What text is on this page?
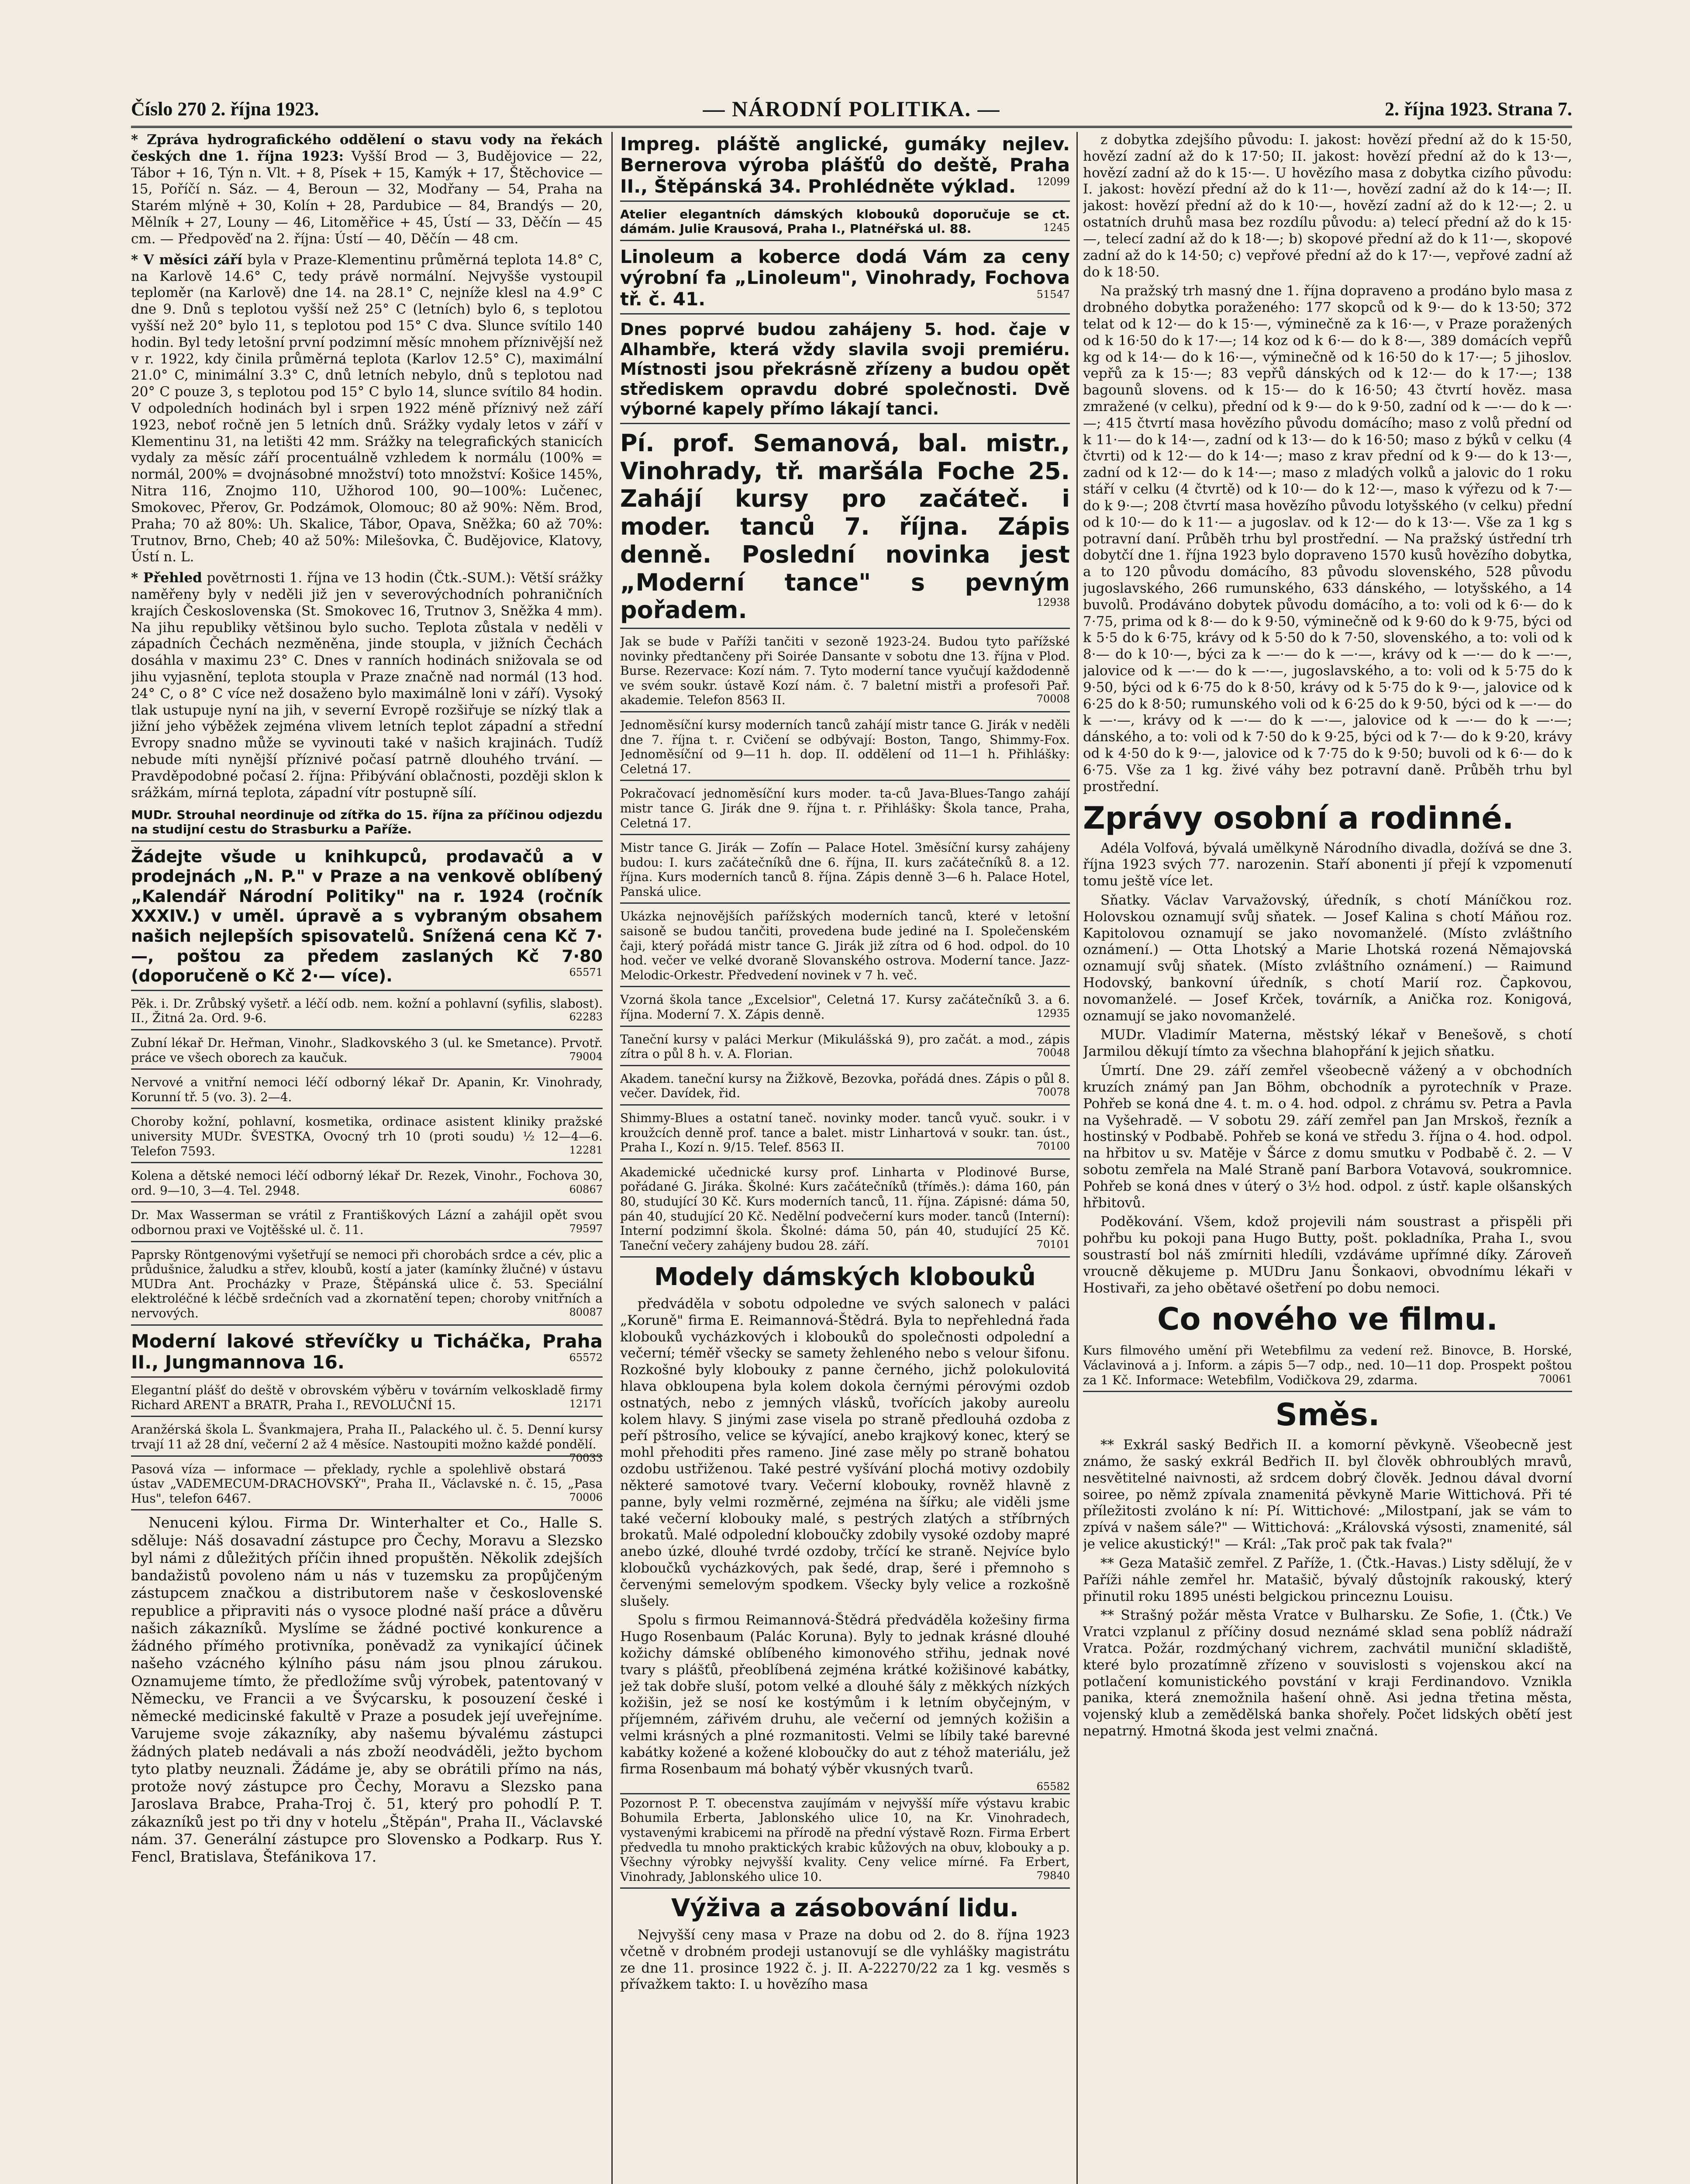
Číslo 270 2. října 1923.	— NÁRODNÍ POLITIKA. —	2. října 1923. Strana 7.
* Zpráva hydrografického oddělení o stavu vody na řekách českých dne 1. října 1923: Vyšší Brod — 3, Budějovice — 22, Tábor + 16, Týn n. Vlt. + 8, Písek + 15, Kamýk + 17, Štěchovice — 15, Poříčí n. Sáz. — 4, Beroun — 32, Modřany — 54, Praha na Starém mlýně + 30, Kolín + 28, Pardubice — 84, Brandýs — 20, Mělník + 27, Louny — 46, Litoměřice + 45, Ústí — 33, Děčín — 45 cm. — Předpověď na 2. října: Ústí — 40, Děčín — 48 cm.
* V měsíci září byla v Praze-Klementinu průměrná teplota 14.8° C, na Karlově 14.6° C, tedy právě normální. Nejvyšše vystoupil teploměr (na Karlově) dne 14. na 28.1° C, nejníže klesl na 4.9° C dne 9. Dnů s teplotou vyšší než 25° C (letních) bylo 6, s teplotou vyšší než 20° bylo 11, s teplotou pod 15° C dva. Slunce svítilo 140 hodin. Byl tedy letošní první podzimní měsíc mnohem příznivější než v r. 1922, kdy činila průměrná teplota (Karlov 12.5° C), maximální 21.0° C, minimální 3.3° C, dnů letních nebylo, dnů s teplotou nad 20° C pouze 3, s teplotou pod 15° C bylo 14, slunce svítilo 84 hodin. V odpoledních hodinách byl i srpen 1922 méně příznivý než září 1923, neboť ročně jen 5 letních dnů. Srážky vydaly letos v září v Klementinu 31, na letišti 42 mm. Srážky na telegrafických stanicích vydaly za měsíc září procentuálně vzhledem k normálu (100% = normál, 200% = dvojnásobné množství) toto množství: Košice 145%, Nitra 116, Znojmo 110, Užhorod 100, 90—100%: Lučenec, Smokovec, Přerov, Gr. Podzámok, Olomouc; 80 až 90%: Něm. Brod, Praha; 70 až 80%: Uh. Skalice, Tábor, Opava, Sněžka; 60 až 70%: Trutnov, Brno, Cheb; 40 až 50%: Milešovka, Č. Budějovice, Klatovy, Ústí n. L.
* Přehled povětrnosti 1. října ve 13 hodin (Čtk.-SUM.): Větší srážky naměřeny byly v neděli již jen v severovýchodních pohraničních krajích Československa (St. Smokovec 16, Trutnov 3, Sněžka 4 mm). Na jihu republiky většinou bylo sucho. Teplota zůstala v neděli v západních Čechách nezměněna, jinde stoupla, v jižních Čechách dosáhla v maximu 23° C. Dnes v ranních hodinách snižovala se od jihu vyjasnění, teplota stoupla v Praze značně nad normál (13 hod. 24° C, o 8° C více než dosaženo bylo maximálně loni v září). Vysoký tlak ustupuje nyní na jih, v severní Evropě rozšiřuje se nízký tlak a jižní jeho výběžek zejména vlivem letních teplot západní a střední Evropy snadno může se vyvinouti také v našich krajinách. Tudíž nebude míti nynější příznivé počasí patrně dlouhého trvání. — Pravděpodobné počasí 2. října: Přibývání oblačnosti, později sklon k srážkám, mírná teplota, západní vítr postupně sílí.
MUDr. Strouhal neordinuje od zítřka do 15. října za příčinou odjezdu na studijní cestu do Strasburku a Paříže.
Žádejte všude u knihkupců, prodavačů a v prodejnách „N. P." v Praze a na venkově oblíbený „Kalendář Národní Politiky" na r. 1924 (ročník XXXIV.) v uměl. úpravě a s vybraným obsahem našich nejlepších spisovatelů. Snížená cena Kč 7·—, poštou za předem zaslaných Kč 7·80 (doporučeně o Kč 2·— více).	65571
Pěk. i. Dr. Zrůbský vyšetř. a léčí odb. nem. kožní a pohlavní (syfilis, slabost). II., Žitná 2a. Ord. 9-6.	62283
Zubní lékař Dr. Heřman, Vinohr., Sladkovského 3 (ul. ke Smetance). Prvotř. práce ve všech oborech za kaučuk.	79004
Nervové a vnitřní nemoci léčí odborný lékař Dr. Apanin, Kr. Vinohrady, Korunní tř. 5 (vo. 3). 2—4.
Choroby kožní, pohlavní, kosmetika, ordinace asistent kliniky pražské university MUDr. ŠVESTKA, Ovocný trh 10 (proti soudu) ½ 12—4—6. Telefon 7593.	12281
Kolena a dětské nemoci léčí odborný lékař Dr. Rezek, Vinohr., Fochova 30, ord. 9—10, 3—4. Tel. 2948.	60867
Dr. Max Wasserman se vrátil z Františkových Lázní a zahájil opět svou odbornou praxi ve Vojtěšské ul. č. 11.	79597
Paprsky Röntgenovými vyšetřují se nemoci při chorobách srdce a cév, plic a průdušnice, žaludku a střev, kloubů, kostí a jater (kamínky žlučné) v ústavu MUDra Ant. Procházky v Praze, Štěpánská ulice č. 53. Speciální elektroléčné k léčbě srdečních vad a zkornatění tepen; choroby vnitřních a nervových.	80087
Moderní lakové střevíčky u Ticháčka, Praha II., Jungmannova 16.	65572
Elegantní plášť do deště v obrovském výběru v továrním velkoskladě firmy Richard ARENT a BRATR, Praha I., REVOLUČNÍ 15.	12171
Aranžérská škola L. Švankmajera, Praha II., Palackého ul. č. 5. Denní kursy trvají 11 až 28 dní, večerní 2 až 4 měsíce. Nastoupiti možno každé pondělí.
70033
Pasová víza — informace — překlady, rychle a spolehlivě obstará ústav „VADEMECUM-DRACHOVSKÝ", Praha II., Václavské n. č. 15, „Pasa Hus", telefon 6467.	70006
Nenuceni kýlou. Firma Dr. Winterhalter et Co., Halle S. sděluje: Náš dosavadní zástupce pro Čechy, Moravu a Slezsko byl námi z důležitých příčin ihned propuštěn. Několik zdejších bandažistů povoleno nám u nás v tuzemsku za propůjčeným zástupcem značkou a distributorem naše v československé republice a připraviti nás o vysoce plodné naší práce a důvěru našich zákazníků. Myslíme se žádné poctivé konkurence a žádného přímého protivníka, poněvadž za vynikající účinek našeho vzácného kýlního pásu nám jsou plnou zárukou. Oznamujeme tímto, že předložíme svůj výrobek, patentovaný v Německu, ve Francii a ve Švýcarsku, k posouzení české i německé medicinské fakultě v Praze a posudek její uveřejníme. Varujeme svoje zákazníky, aby našemu bývalému zástupci žádných plateb nedávali a nás zboží neodváděli, ježto bychom tyto platby neuznali. Žádáme je, aby se obrátili přímo na nás, protože nový zástupce pro Čechy, Moravu a Slezsko pana Jaroslava Brabce, Praha-Troj č. 51, který pro pohodlí P. T. zákazníků jest po tři dny v hotelu „Štěpán", Praha II., Václavské nám. 37. Generální zástupce pro Slovensko a Podkarp. Rus Y. Fencl, Bratislava, Štefánikova 17.
Impreg. pláště anglické, gumáky nejlev. Bernerova výroba plášťů do deště, Praha II., Štěpánská 34. Prohlédněte výklad. 12099
Atelier elegantních dámských klobouků doporučuje se ct. dámám. Julie Krausová, Praha I., Platnéřská ul. 88.	1245
Linoleum a koberce dodá Vám za ceny výrobní fa „Linoleum", Vinohrady, Fochova tř. č. 41.	51547
Dnes poprvé budou zahájeny 5. hod. čaje v Alhambře, která vždy slavila svoji premiéru. Místnosti jsou překrásně zřízeny a budou opět střediskem opravdu dobré společnosti. Dvě výborné kapely přímo lákají tanci.
Pí. prof. Semanová, bal. mistr., Vinohrady, tř. maršála Foche 25. Zahájí kursy pro začáteč. i moder. tanců 7. října. Zápis denně. Poslední novinka jest „Moderní tance" s pevným pořadem.	12938
Jak se bude v Paříži tančiti v sezoně 1923-24. Budou tyto pařížské novinky předtančeny při Soirée Dansante v sobotu dne 13. října v Plod. Burse. Rezervace: Kozí nám. 7. Tyto moderní tance vyučují každodenně ve svém soukr. ústavě Kozí nám. č. 7 baletní mistři a profesoři Pař. akademie. Telefon 8563 II.	70008
Jednoměsíční kursy moderních tanců zahájí mistr tance G. Jirák v neděli dne 7. října t. r. Cvičení se odbývají: Boston, Tango, Shimmy-Fox. Jednoměsíční od 9—11 h. dop. II. oddělení od 11—1 h. Přihlášky: Celetná 17.
Pokračovací jednoměsíční kurs moder. ta-ců Java-Blues-Tango zahájí mistr tance G. Jirák dne 9. října t. r. Přihlášky: Škola tance, Praha, Celetná 17.
Mistr tance G. Jirák — Zofín — Palace Hotel. 3měsíční kursy zahájeny budou: I. kurs začátečníků dne 6. října, II. kurs začátečníků 8. a 12. října. Kurs moderních tanců 8. října. Zápis denně 3—6 h. Palace Hotel, Panská ulice.
Ukázka nejnovějších pařížských moderních tanců, které v letošní saisoně se budou tančiti, provedena bude jediné na I. Společenském čaji, který pořádá mistr tance G. Jirák již zítra od 6 hod. odpol. do 10 hod. večer ve velké dvoraně Slovanského ostrova. Moderní tance. Jazz-Melodic-Orkestr. Předvedení novinek v 7 h. več.
Vzorná škola tance „Excelsior", Celetná 17. Kursy začátečníků 3. a 6. října. Moderní 7. X. Zápis denně.	12935
Taneční kursy v paláci Merkur (Mikulášská 9), pro začát. a mod., zápis zítra o půl 8 h. v. A. Florian.	70048
Akadem. taneční kursy na Žižkově, Bezovka, pořádá dnes. Zápis o půl 8. večer. Davídek, řid.	70078
Shimmy-Blues a ostatní taneč. novinky moder. tanců vyuč. soukr. i v kroužcích denně prof. tance a balet. mistr Linhartová v soukr. tan. úst., Praha I., Kozí n. 9/15. Telef. 8563 II.	70100
Akademické učednické kursy prof. Linharta v Plodinové Burse, pořádané G. Jiráka. Školné: Kurs začátečníků (tříměs.): dáma 160, pán 80, studující 30 Kč. Kurs moderních tanců, 11. října. Zápisné: dáma 50, pán 40, studující 20 Kč. Nedělní podvečerní kurs moder. tanců (Interní): Interní podzimní škola. Školné: dáma 50, pán 40, studující 25 Kč. Taneční večery zahájeny budou 28. září.	70101
Modely dámských klobouků
předváděla v sobotu odpoledne ve svých salonech v paláci „Koruně" firma E. Reimannová-Štědrá. Byla to nepřehledná řada klobouků vycházkových i klobouků do společnosti odpolední a večerní; téměř všecky se samety žehleného nebo s velour šifonu. Rozkošné byly klobouky z panne černého, jichž polokulovitá hlava obkloupena byla kolem dokola černými pérovými ozdob ostnatých, nebo z jemných vlásků, tvořících jakoby aureolu kolem hlavy. S jinými zase visela po straně předlouhá ozdoba z peří pštrosího, velice se kývající, anebo krajkový konec, který se mohl přehoditi přes rameno. Jiné zase měly po straně bohatou ozdobu ustřiženou. Také pestré vyšívání plochá motivy ozdobily některé samotové tvary. Večerní klobouky, rovněž hlavně z panne, byly velmi rozměrné, zejména na šířku; ale viděli jsme také večerní klobouky malé, s pestrých zlatých a stříbrných brokatů. Malé odpolední kloboučky zdobily vysoké ozdoby mapré anebo úzké, dlouhé tvrdé ozdoby, trčící ke straně. Nejvíce bylo kloboučků vycházkových, pak šedé, drap, šeré i přemnoho s červenými semelovým spodkem. Všecky byly velice a rozkošně slušely.
Spolu s firmou Reimannová-Štědrá předváděla kožešiny firma Hugo Rosenbaum (Palác Koruna). Byly to jednak krásné dlouhé kožichy dámské oblíbeného kimonového střihu, jednak nové tvary s plášťů, přeoblíbená zejména krátké kožišinové kabátky, jež tak dobře sluší, potom velké a dlouhé šály z měkkých nízkých kožišin, jež se nosí ke kostýmům i k letním obyčejným, v příjemném, zářivém druhu, ale večerní od jemných kožišin a velmi krásných a plné rozmanitosti. Velmi se líbily také barevné kabátky kožené a kožené kloboučky do aut z téhož materiálu, jež firma Rosenbaum má bohatý výběr vkusných tvarů.
65582
Pozornost P. T. obecenstva zaujímám v nejvyšší míře výstavu krabic Bohumila Erberta, Jablonského ulice 10, na Kr. Vinohradech, vystavenými krabicemi na přírodě na přední výstavě Rozn. Firma Erbert předvedla tu mnoho praktických krabic kůžových na obuv, klobouky a p. Všechny výrobky nejvyšší kvality. Ceny velice mírné. Fa Erbert, Vinohrady, Jablonského ulice 10.	79840
Výživa a zásobování lidu.
Nejvyšší ceny masa v Praze na dobu od 2. do 8. října 1923 včetně v drobném prodeji ustanovují se dle vyhlášky magistrátu ze dne 11. prosince 1922 č. j. II. A-22270/22 za 1 kg. vesměs s přívažkem takto: I. u hovězího masa
z dobytka zdejšího původu: I. jakost: hovězí přední až do k 15·50, hovězí zadní až do k 17·50; II. jakost: hovězí přední až do k 13·—, hovězí zadní až do k 15·—. U hovězího masa z dobytka cizího původu: I. jakost: hovězí přední až do k 11·—, hovězí zadní až do k 14·—; II. jakost: hovězí přední až do k 10·—, hovězí zadní až do k 12·—; 2. u ostatních druhů masa bez rozdílu původu: a) telecí přední až do k 15·—, telecí zadní až do k 18·—; b) skopové přední až do k 11·—, skopové zadní až do k 14·50; c) vepřové přední až do k 17·—, vepřové zadní až do k 18·50.
Na pražský trh masný dne 1. října dopraveno a prodáno bylo masa z drobného dobytka poraženého: 177 skopců od k 9·— do k 13·50; 372 telat od k 12·— do k 15·—, výminečně za k 16·—, v Praze poražených od k 16·50 do k 17·—; 14 koz od k 6·— do k 8·—, 389 domácích vepřů kg od k 14·— do k 16·—, výminečně od k 16·50 do k 17·—; 5 jihoslov. vepřů za k 15·—; 83 vepřů dánských od k 12·— do k 17·—; 138 bagounů slovens. od k 15·— do k 16·50; 43 čtvrtí hověz. masa zmražené (v celku), přední od k 9·— do k 9·50, zadní od k —·— do k —·—; 415 čtvrtí masa hovězího původu domácího; maso z volů přední od k 11·— do k 14·—, zadní od k 13·— do k 16·50; maso z býků v celku (4 čtvrti) od k 12·— do k 14·—; maso z krav přední od k 9·— do k 13·—, zadní od k 12·— do k 14·—; maso z mladých volků a jalovic do 1 roku stáří v celku (4 čtvrtě) od k 10·— do k 12·—, maso k výřezu od k 7·— do k 9·—; 208 čtvrtí masa hovězího původu lotyšského (v celku) přední od k 10·— do k 11·— a jugoslav. od k 12·— do k 13·—. Vše za 1 kg s potravní daní. Průběh trhu byl prostřední. — Na pražský ústřední trh dobytčí dne 1. října 1923 bylo dopraveno 1570 kusů hovězího dobytka, a to 120 původu domácího, 83 původu slovenského, 528 původu jugoslavského, 266 rumunského, 633 dánského, — lotyšského, a 14 buvolů. Prodáváno dobytek původu domácího, a to: voli od k 6·— do k 7·75, prima od k 8·— do k 9·50, výminečně od k 9·60 do k 9·75, býci od k 5·5 do k 6·75, krávy od k 5·50 do k 7·50, slovenského, a to: voli od k 8·— do k 10·—, býci za k —·— do k —·—, krávy od k —·— do k —·—, jalovice od k —·— do k —·—, jugoslavského, a to: voli od k 5·75 do k 9·50, býci od k 6·75 do k 8·50, krávy od k 5·75 do k 9·—, jalovice od k 6·25 do k 8·50; rumunského voli od k 6·25 do k 9·50, býci od k —·— do k —·—, krávy od k —·— do k —·—, jalovice od k —·— do k —·—; dánského, a to: voli od k 7·50 do k 9·25, býci od k 7·— do k 9·20, krávy od k 4·50 do k 9·—, jalovice od k 7·75 do k 9·50; buvoli od k 6·— do k 6·75. Vše za 1 kg. živé váhy bez potravní daně. Průběh trhu byl prostřední.
Zprávy osobní a rodinné.
Adéla Volfová, bývalá umělkyně Národního divadla, dožívá se dne 3. října 1923 svých 77. narozenin. Staří abonenti jí přejí k vzpomenutí tomu ještě více let.
Sňatky. Václav Varvažovský, úředník, s chotí Máníčkou roz. Holovskou oznamují svůj sňatek. — Josef Kalina s chotí Máňou roz. Kapitolovou oznamují se jako novomanželé. (Místo zvláštního oznámení.) — Otta Lhotský a Marie Lhotská rozená Němajovská oznamují svůj sňatek. (Místo zvláštního oznámení.) — Raimund Hodovský, bankovní úředník, s chotí Marií roz. Čapkovou, novomanželé. — Josef Krček, továrník, a Anička roz. Konigová, oznamují se jako novomanželé.
MUDr. Vladimír Materna, městský lékař v Benešově, s chotí Jarmilou děkují tímto za všechna blahopřání k jejich sňatku.
Úmrtí. Dne 29. září zemřel všeobecně vážený a v obchodních kruzích známý pan Jan Böhm, obchodník a pyrotechník v Praze. Pohřeb se koná dne 4. t. m. o 4. hod. odpol. z chrámu sv. Petra a Pavla na Vyšehradě. — V sobotu 29. září zemřel pan Jan Mrskoš, řezník a hostinský v Podbabě. Pohřeb se koná ve středu 3. října o 4. hod. odpol. na hřbitov u sv. Matěje v Šárce z domu smutku v Podbabě č. 2. — V sobotu zemřela na Malé Straně paní Barbora Votavová, soukromnice. Pohřeb se koná dnes v úterý o 3½ hod. odpol. z ústř. kaple olšanských hřbitovů.
Poděkování. Všem, kdož projevili nám soustrast a přispěli při pohřbu ku pokoji pana Hugo Butty, pošt. pokladníka, Praha I., svou soustrastí bol náš zmírniti hledíli, vzdáváme upřímné díky. Zároveň vroucně děkujeme p. MUDru Janu Šonkaovi, obvodnímu lékaři v Hostivaři, za jeho obětavé ošetření po dobu nemoci.
Co nového ve filmu.
Kurs filmového umění při Wetebfilmu za vedení rež. Binovce, B. Horské, Václavinová a j. Inform. a zápis 5—7 odp., ned. 10—11 dop. Prospekt poštou za 1 Kč. Informace: Wetebfilm, Vodičkova 29, zdarma.	70061
Směs.
** Exkrál saský Bedřich II. a komorní pěvkyně. Všeobecně jest známo, že saský exkrál Bedřich II. byl člověk obhroublých mravů, nesvětitelné naivnosti, až srdcem dobrý člověk. Jednou dával dvorní soiree, po němž zpívala znamenitá pěvkyně Marie Wittichová. Při té příležitosti zvoláno k ní: Pí. Wittichové: „Milostpaní, jak se vám to zpívá v našem sále?" — Wittichová: „Královská výsosti, znamenité, sál je velice akustický!" — Král: „Tak proč pak tak fvala?"
** Geza Matašič zemřel. Z Paříže, 1. (Čtk.-Havas.) Listy sdělují, že v Paříži náhle zemřel hr. Matašič, bývalý důstojník rakouský, který přinutil roku 1895 unésti belgickou princeznu Louisu.
** Strašný požár města Vratce v Bulharsku. Ze Sofie, 1. (Čtk.) Ve Vratci vzplanul z příčiny dosud neznámé sklad sena poblíž nádraží Vratca. Požár, rozdmýchaný vichrem, zachvátil muniční skladiště, které bylo prozatímně zřízeno v souvislosti s vojenskou akcí na potlačení komunistického povstání v kraji Ferdinandovo. Vznikla panika, která znemožnila hašení ohně. Asi jedna třetina města, vojenský klub a zemědělská banka shořely. Počet lidských obětí jest nepatrný. Hmotná škoda jest velmi značná.
